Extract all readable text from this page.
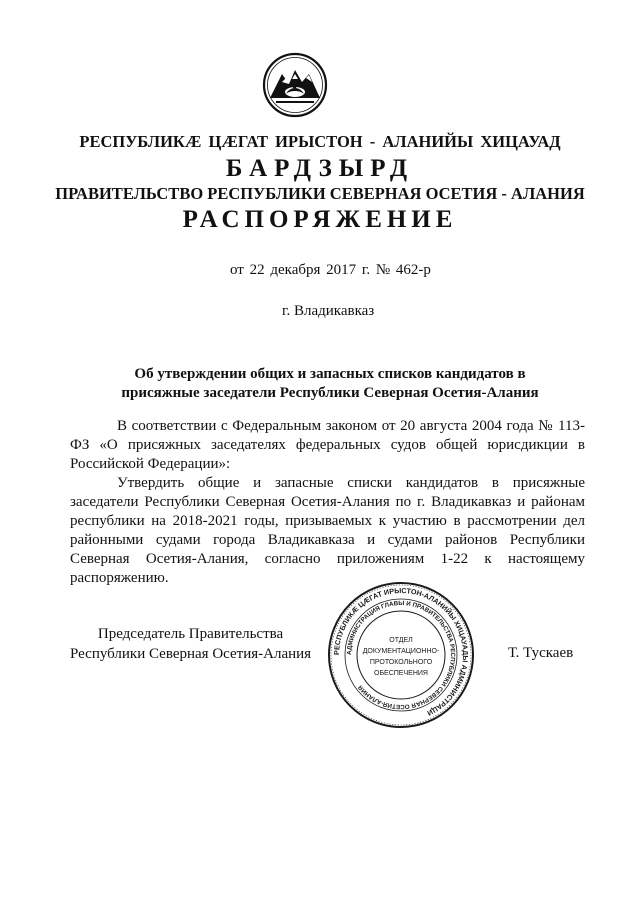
РЕСПУБЛИКӔ ЦӔГАТ ИРЫСТОН - АЛАНИЙЫ ХИЦАУАД
БАРДЗЫРД
ПРАВИТЕЛЬСТВО РЕСПУБЛИКИ СЕВЕРНАЯ ОСЕТИЯ - АЛАНИЯ
РАСПОРЯЖЕНИЕ
от 22 декабря 2017 г. № 462-р
г. Владикавказ
Об утверждении общих и запасных списков кандидатов в
присяжные заседатели Республики Северная Осетия-Алания

В соответствии с Федеральным законом от 20 августа 2004 года № 113-ФЗ «О присяжных заседателях федеральных судов общей юрисдикции в Российской Федерации»:

Утвердить общие и запасные списки кандидатов в присяжные заседатели Республики Северная Осетия-Алания по г. Владикавказ и районам республики на 2018-2021 годы, призываемых к участию в рассмотрении дел районными судами города Владикавказа и судами районов Республики Северная Осетия-Алания, согласно приложениям 1-22 к настоящему распоряжению.

Председатель Правительства
Республики Северная Осетия-Алания	РЕСПУБЛИКӔ ЦӔГАТ ИРЫСТОН-АЛАНИЙЫ ХИЦАУАДЫ АДМИНИСТРАЦИ
АДМИНИСТРАЦИЯ ГЛАВЫ И ПРАВИТЕЛЬСТВА РЕСПУБЛИКИ СЕВЕРНАЯ ОСЕТИЯ-АЛАНИЯ
ОТДЕЛ
ДОКУМЕНТАЦИОННО-
ПРОТОКОЛЬНОГО
ОБЕСПЕЧЕНИЯ
Т. Тускаев
